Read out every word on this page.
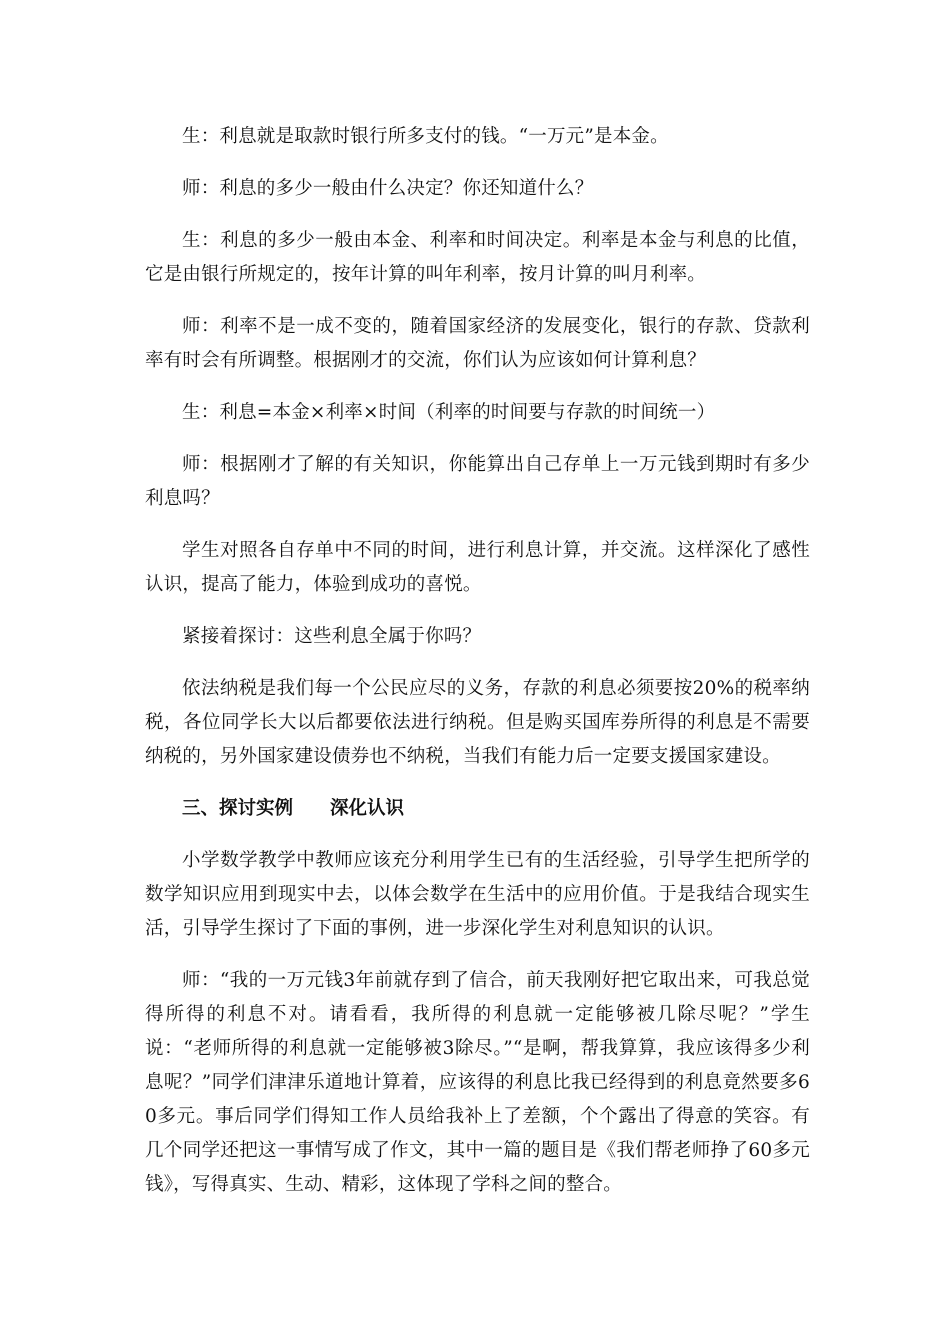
生：利息就是取款时银行所多支付的钱。“一万元”是本金。

师：利息的多少一般由什么决定？你还知道什么？

生：利息的多少一般由本金、利率和时间决定。利率是本金与利息的比值，它是由银行所规定的，按年计算的叫年利率，按月计算的叫月利率。

师：利率不是一成不变的，随着国家经济的发展变化，银行的存款、贷款利率有时会有所调整。根据刚才的交流，你们认为应该如何计算利息？

生：利息=本金×利率×时间（利率的时间要与存款的时间统一）

师：根据刚才了解的有关知识，你能算出自己存单上一万元钱到期时有多少利息吗？

学生对照各自存单中不同的时间，进行利息计算，并交流。这样深化了感性认识，提高了能力，体验到成功的喜悦。

紧接着探讨：这些利息全属于你吗？

依法纳税是我们每一个公民应尽的义务，存款的利息必须要按20%的税率纳税，各位同学长大以后都要依法进行纳税。但是购买国库券所得的利息是不需要纳税的，另外国家建设债券也不纳税，当我们有能力后一定要支援国家建设。

三、探讨实例　　深化认识

小学数学教学中教师应该充分利用学生已有的生活经验，引导学生把所学的数学知识应用到现实中去，以体会数学在生活中的应用价值。于是我结合现实生活，引导学生探讨了下面的事例，进一步深化学生对利息知识的认识。

师：“我的一万元钱3年前就存到了信合，前天我刚好把它取出来，可我总觉得所得的利息不对。请看看，我所得的利息就一定能够被几除尽呢？”学生说：“老师所得的利息就一定能够被3除尽。”“是啊，帮我算算，我应该得多少利息呢？”同学们津津乐道地计算着，应该得的利息比我已经得到的利息竟然要多60多元。事后同学们得知工作人员给我补上了差额，个个露出了得意的笑容。有几个同学还把这一事情写成了作文，其中一篇的题目是《我们帮老师挣了60多元钱》，写得真实、生动、精彩，这体现了学科之间的整合。
